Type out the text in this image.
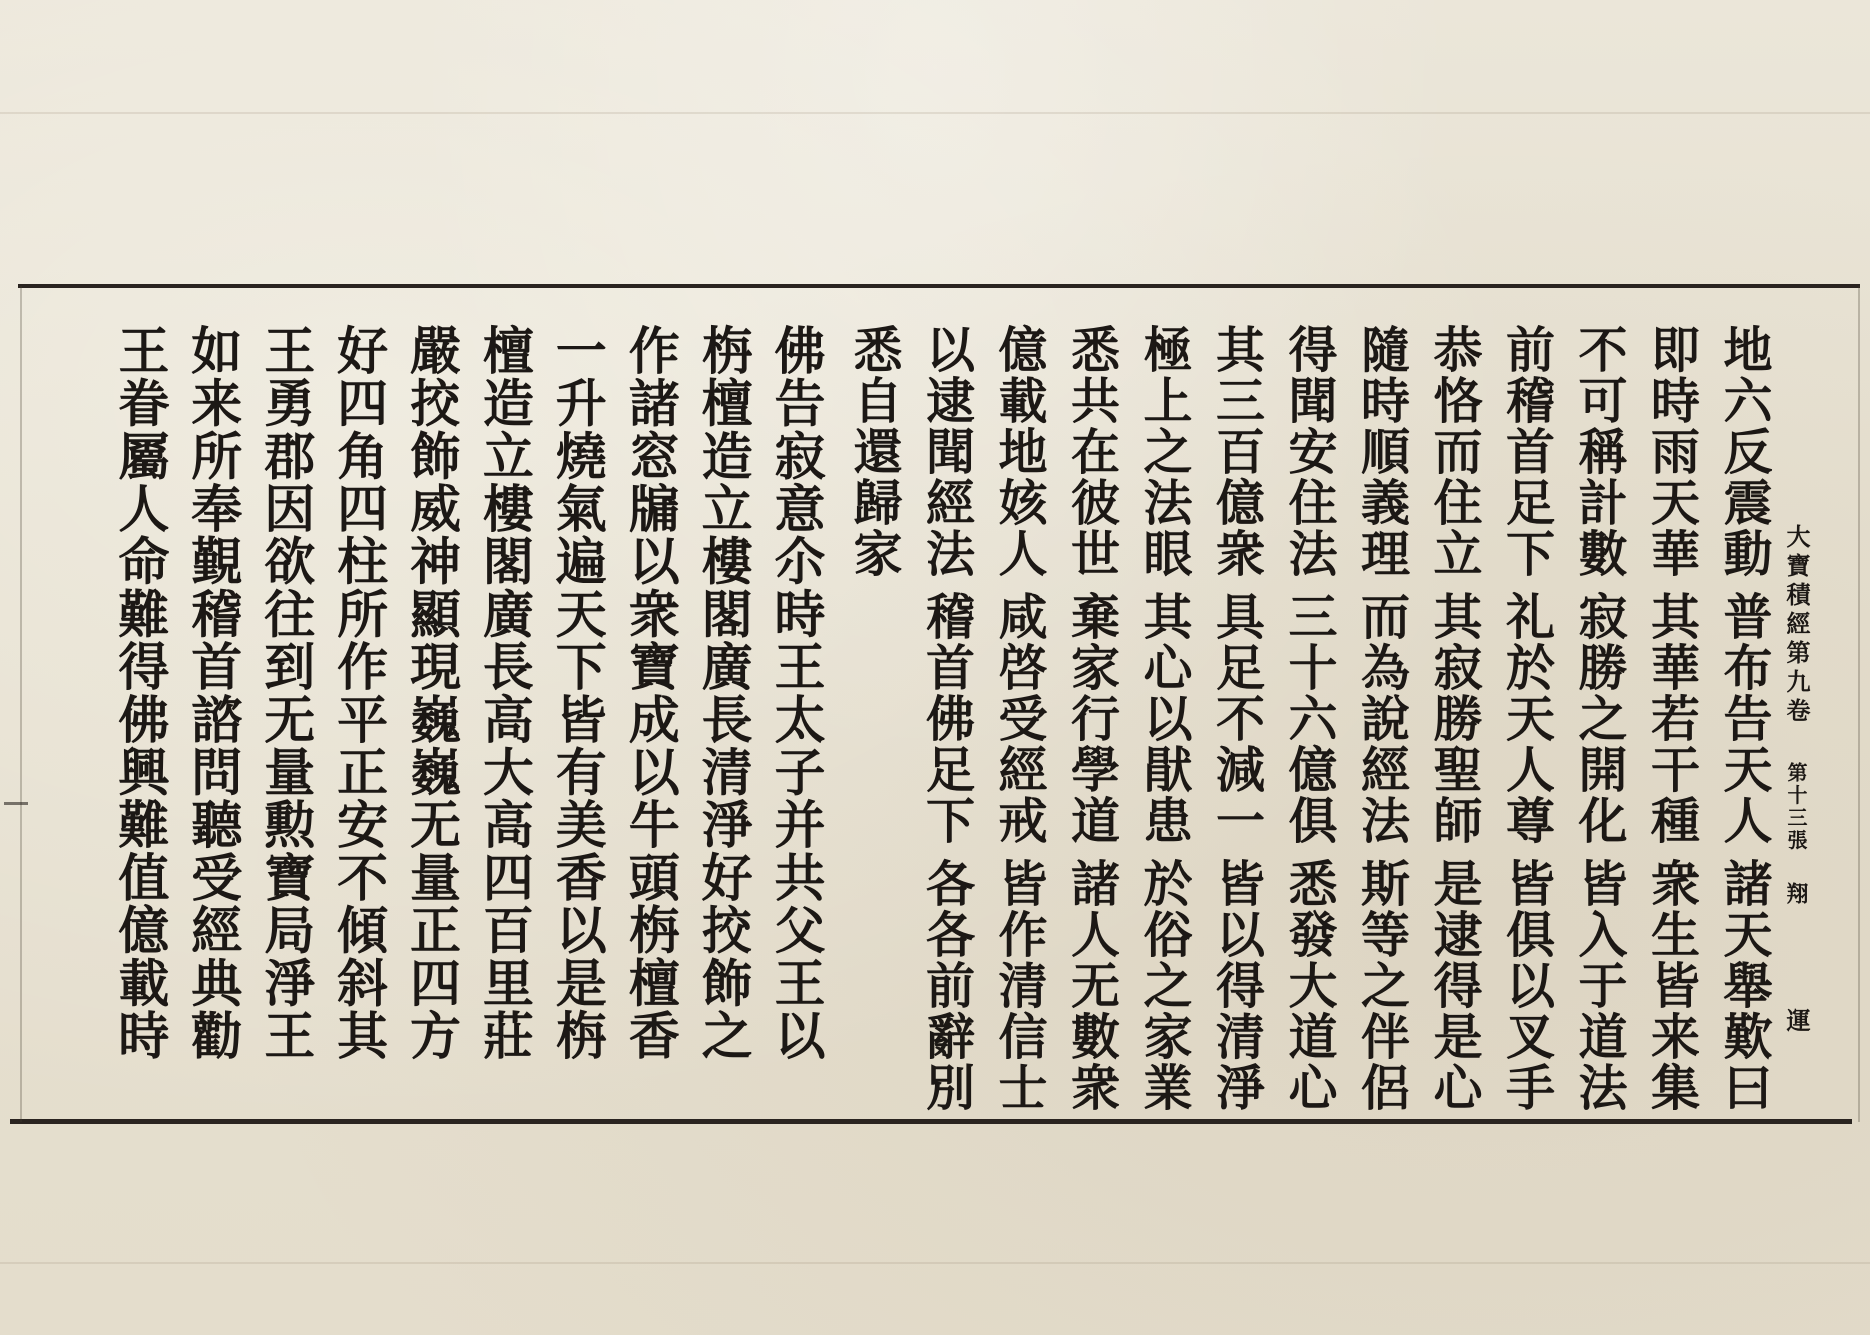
大寶積經第九卷
第十三張
翔
運
地六反震動普布告天人諸天舉歎曰
即時雨天華其華若干種衆生皆来集
不可稱計數寂勝之開化皆入于道法
前稽首足下礼於天人尊皆俱以叉手
恭恪而住立其寂勝聖師是逮得是心
隨時順義理而為說經法斯等之伴侶
得聞安住法三十六億俱悉發大道心
其三百億衆具足不減一皆以得清淨
極上之法眼其心以猒患於俗之家業
悉共在彼世棄家行學道諸人无數衆
億載地姟人咸啓受經戒皆作清信士
以逮聞經法稽首佛足下各各前辭別
悉自還歸家
佛告寂意尒時王太子并共父王以
栴檀造立樓閣廣長清淨好挍飾之
作諸窓牖以衆寶成以牛頭栴檀香
一升燒氣遍天下皆有美香以是栴
檀造立樓閣廣長高大高四百里莊
嚴挍飾威神顯現巍巍无量正四方
好四角四柱所作平正安不傾斜其
王勇郡因欲往到无量勲寶局淨王
如来所奉覲稽首諮問聽受經典勸
王眷屬人命難得佛興難值億載時
